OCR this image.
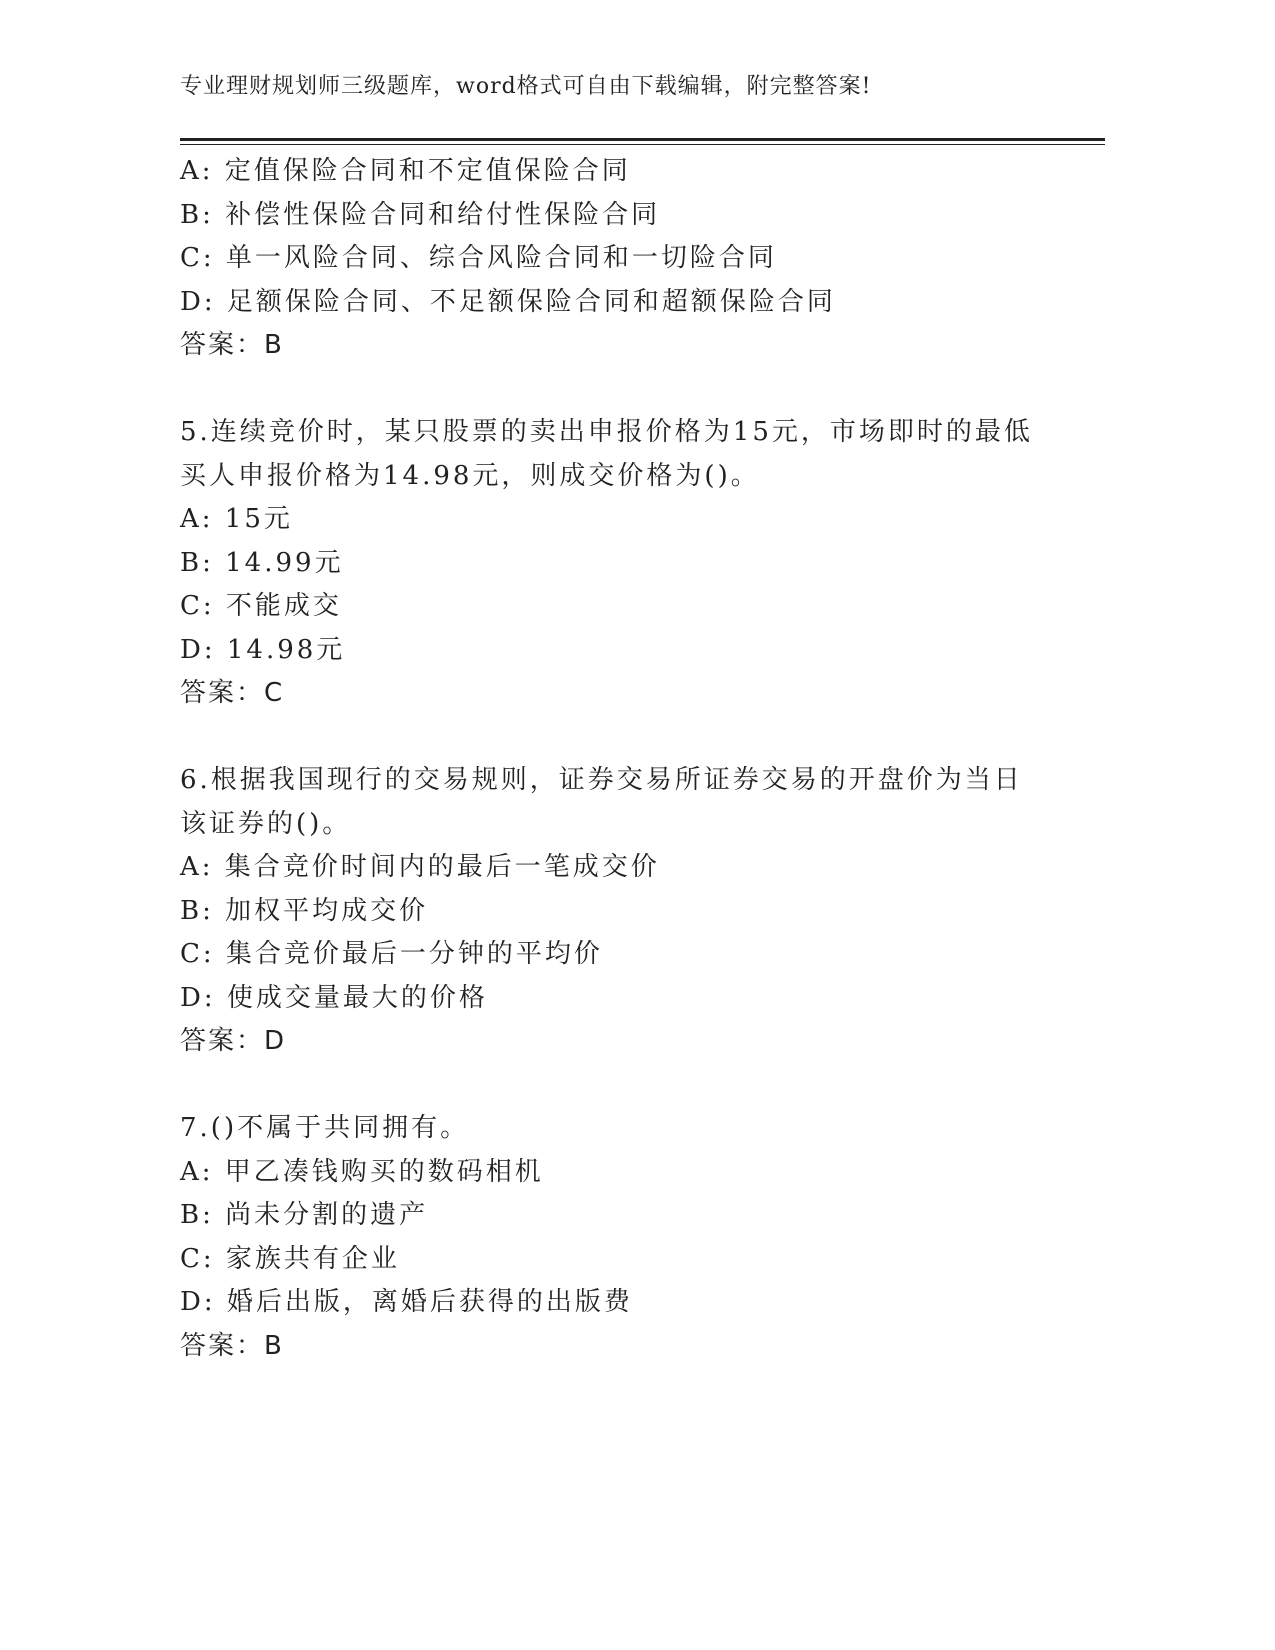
专业理财规划师三级题库，word格式可自由下载编辑，附完整答案!
A: 定值保险合同和不定值保险合同
B: 补偿性保险合同和给付性保险合同
C: 单一风险合同、综合风险合同和一切险合同
D: 足额保险合同、不足额保险合同和超额保险合同
答案：B
5.连续竞价时，某只股票的卖出申报价格为15元，市场即时的最低买人申报价格为14.98元，则成交价格为()。
A: 15元
B: 14.99元
C: 不能成交
D: 14.98元
答案：C
6.根据我国现行的交易规则，证券交易所证券交易的开盘价为当日该证券的()。
A: 集合竞价时间内的最后一笔成交价
B: 加权平均成交价
C: 集合竞价最后一分钟的平均价
D: 使成交量最大的价格
答案：D
7.()不属于共同拥有。
A: 甲乙凑钱购买的数码相机
B: 尚未分割的遗产
C: 家族共有企业
D: 婚后出版，离婚后获得的出版费
答案：B
